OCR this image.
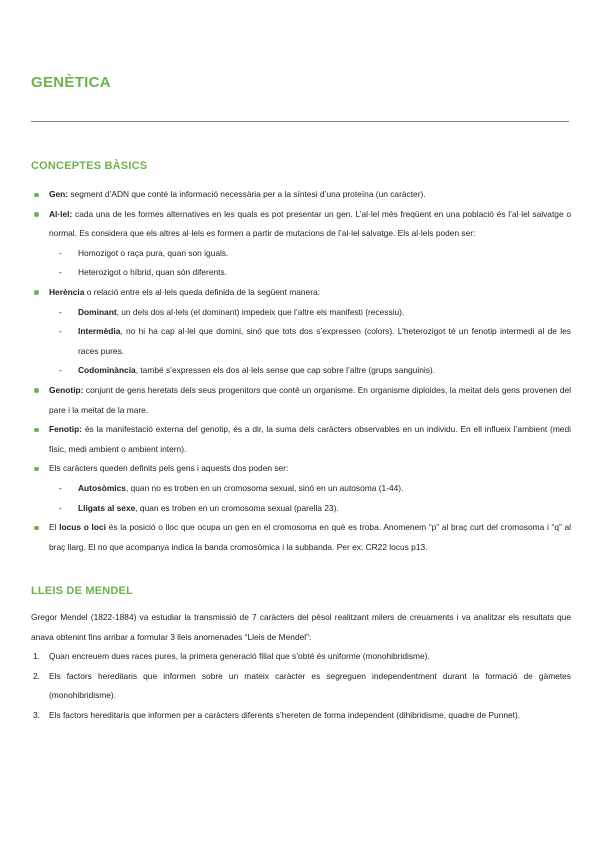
GENÈTICA
CONCEPTES BÀSICS
Gen: segment d’ADN que conté la informació necessària per a la síntesi d’una proteïna (un caràcter).
Al·lel: cada una de les formes alternatives en les quals es pot presentar un gen. L’al·lel més freqüent en una població és l’al·lel salvatge o normal. Es considera que els altres al·lels es formen a partir de mutacions de l’al·lel salvatge. Els al·lels poden ser:
- Homozigot o raça pura, quan son iguals.
- Heterozigot o híbrid, quan són diferents.
Herència o relació entre els al·lels queda definida de la següent manera:
- Dominant, un dels dos al·lels (el dominant) impedeix que l’altre els manifesti (recessiu).
- Intermèdia, no hi ha cap al·lel que domini, sinó que tots dos s’expressen (colors). L’heterozigot té un fenotip intermedi al de les races pures.
- Codominància, també s’expressen els dos al·lels sense que cap sobre l’altre (grups sanguinis).
Genotip: conjunt de gens heretats dels seus progenitors que conté un organisme. En organisme diploides, la meitat dels gens provenen del pare i la meitat de la mare.
Fenotip: és la manifestació externa del genotip, és a dir, la suma dels caràcters observables en un individu. En ell influeix l’ambient (medi físic, medi ambient o ambient intern).
Els caràcters queden definits pels gens i aquests dos poden ser:
- Autosòmics, quan no es troben en un cromosoma sexual, sinó en un autosoma (1-44).
- Lligats al sexe, quan es troben en un cromosoma sexual (parella 23).
El locus o loci és la posició o lloc que ocupa un gen en el cromosoma en què es troba. Anomenem “p” al braç curt del cromosoma i “q” al braç llarg. El no que acompanya indica la banda cromosòmica i la subbanda. Per ex: CR22 locus p13.
LLEIS DE MENDEL
Gregor Mendel (1822-1884) va estudiar la transmissió de 7 caràcters del pèsol realitzant milers de creuaments i va analitzar els resultats que anava obtenint fins arribar a formular 3 lleis anomenades “Lleis de Mendel”:
1. Quan encreuem dues races pures, la primera generació filial que s’obté és uniforme (monohibridisme).
2. Els factors hereditaris que informen sobre un mateix caràcter es segreguen independentment durant la formació de gàmetes (monohibridisme).
3. Els factors hereditaris que informen per a caràcters diferents s’hereten de forma independent (dihibridisme, quadre de Punnet).
